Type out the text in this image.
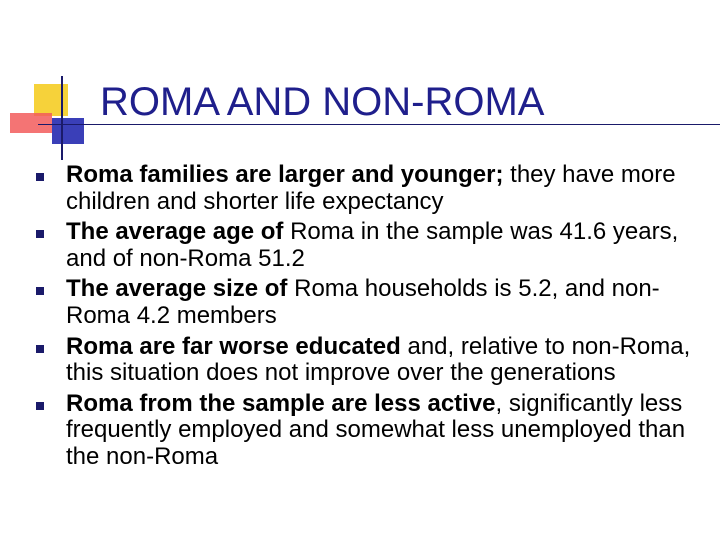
ROMA AND NON-ROMA
Roma families are larger and younger; they have more children and shorter life expectancy
The average age of Roma in the sample was 41.6 years, and of non-Roma 51.2
The average size of Roma households is 5.2, and non-Roma 4.2 members
Roma are far worse educated and, relative to non-Roma, this situation does not improve over the generations
Roma from the sample are less active, significantly less frequently employed and somewhat less unemployed than the non-Roma
